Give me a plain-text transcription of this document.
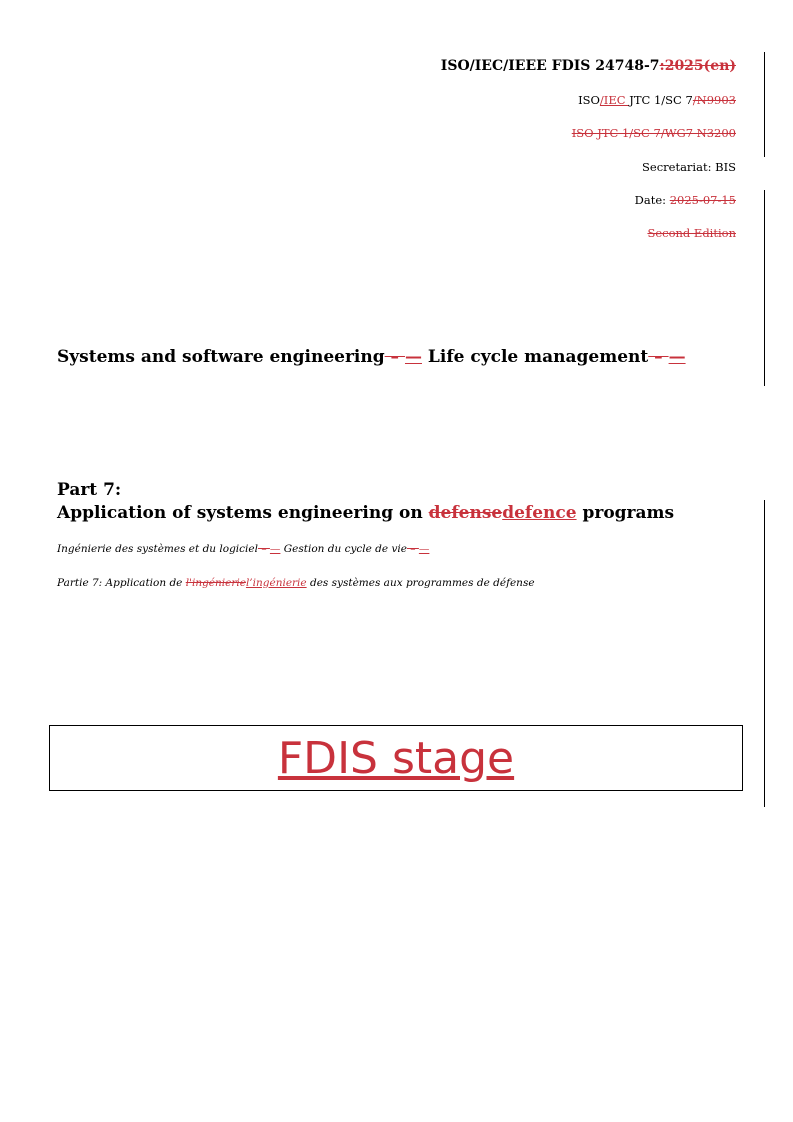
ISO/IEC/IEEE FDIS 24748-7:2025(en)
ISO/IEC JTC 1/SC 7/N9903
ISO JTC 1/SC 7/WG7 N3200
Secretariat: BIS
Date: 2025-07-15
Second Edition
Systems and software engineering – — Life cycle management – —
Part 7:
Application of systems engineering on defensedefence programs
Ingénierie des systèmes et du logiciel – — Gestion du cycle de vie – —
Partie 7: Application de l'ingénieriel’ingénierie des systèmes aux programmes de défense
FDIS stage
